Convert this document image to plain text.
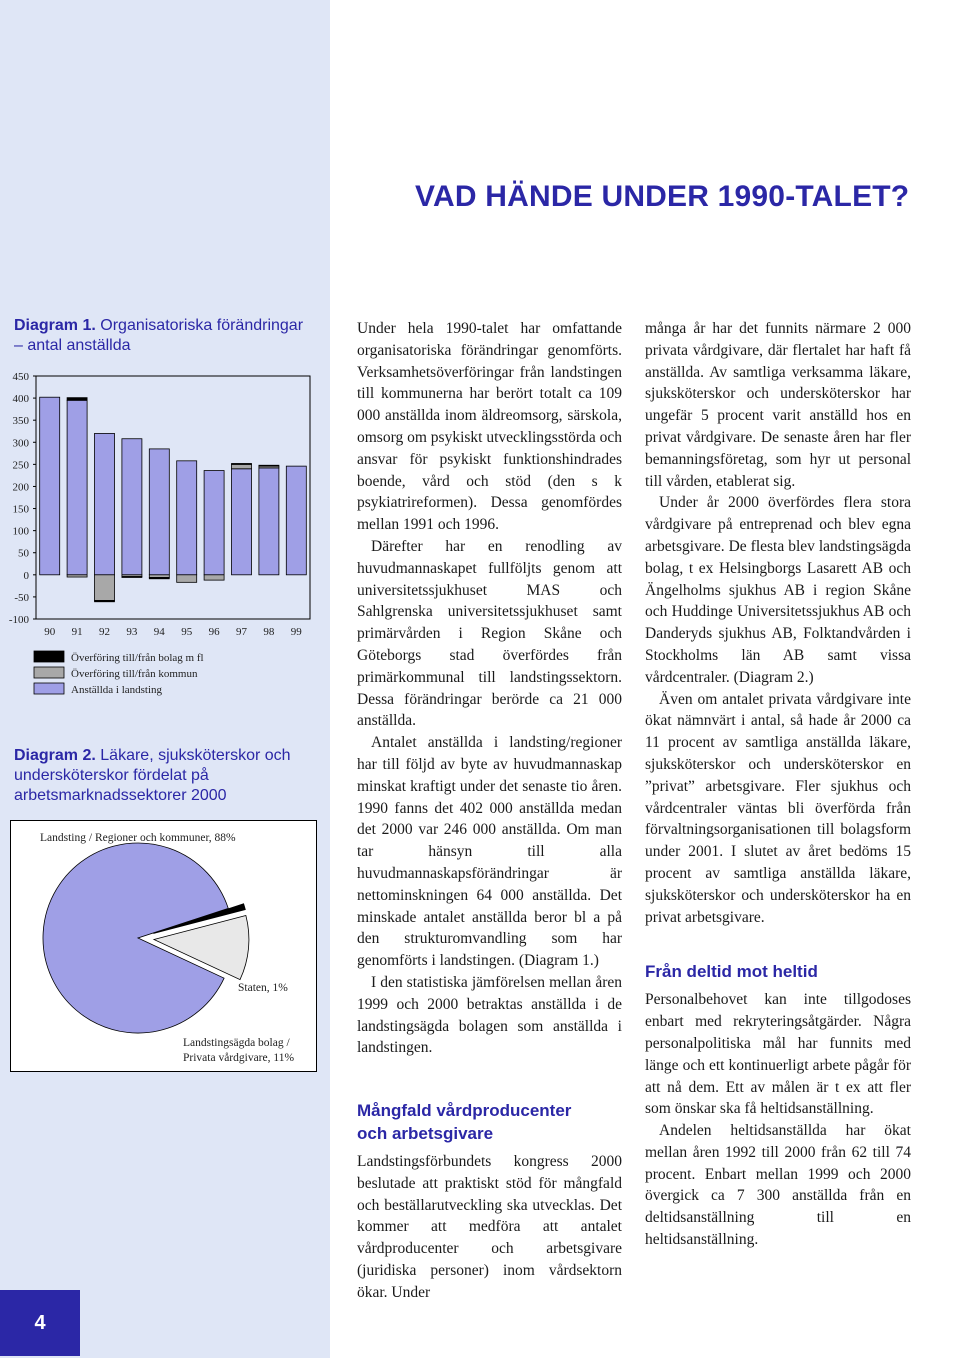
VAD HÄNDE UNDER 1990-TALET?
Diagram 1. Organisatoriska förändringar – antal anställda
450
400
350
300
250
200
150
100
50
0
-50
-100
90 91 92 93 94 95 96 97 98 99
Överföring till/från bolag m fl
Överföring till/från kommun
Anställda i landsting
Diagram 2. Läkare, sjuksköterskor och undersköterskor fördelat på arbetsmarknadssektorer 2000
Landsting / Regioner och kommuner, 88%
Staten, 1%
Landstingsägda bolag /
Privata vårdgivare, 11%

Under hela 1990-talet har omfattande organisatoriska förändringar genomförts. Verksamhetsöverföringar från landstingen till kommunerna har berört totalt ca 109 000 anställda inom äldreomsorg, särskola, omsorg om psykiskt utvecklingsstörda och ansvar för psykiskt funktionshindrades boende, vård och stöd (den s k psykiatrireformen). Dessa genomfördes mellan 1991 och 1996.

Därefter har en renodling av huvudmannaskapet fullföljts genom att universitetssjukhuset MAS och Sahlgrenska universitetssjukhuset samt primärvården i Region Skåne och Göteborgs stad överfördes från primärkommunal till landstingssektorn. Dessa förändringar berörde ca 21 000 anställda.

Antalet anställda i landsting/regioner har till följd av byte av huvudmannaskap minskat kraftigt under det senaste tio åren. 1990 fanns det 402 000 anställda medan det 2000 var 246 000 anställda. Om man tar hänsyn till alla huvudmannaskapsförändringar är nettominskningen 64 000 anställda. Det minskade antalet anställda beror bl a på den strukturomvandling som har genomförts i landstingen. (Diagram 1.)

I den statistiska jämförelsen mellan åren 1999 och 2000 betraktas anställda i de landstingsägda bolagen som anställda i landstingen.

Mångfald vårdproducenter
och arbetsgivare

Landstingsförbundets kongress 2000 beslutade att praktiskt stöd för mångfald och beställarutveckling ska utvecklas. Det kommer att medföra att antalet vårdproducenter och arbetsgivare (juridiska personer) inom vårdsektorn ökar. Under

många år har det funnits närmare 2 000 privata vårdgivare, där flertalet har haft få anställda. Av samtliga verksamma läkare, sjuksköterskor och undersköterskor har ungefär 5 procent varit anställd hos en privat vårdgivare. De senaste åren har fler bemanningsföretag, som hyr ut personal till vården, etablerat sig.

Under år 2000 överfördes flera stora vårdgivare på entreprenad och blev egna arbetsgivare. De flesta blev landstingsägda bolag, t ex Helsingborgs Lasarett AB och Ängelholms sjukhus AB i region Skåne och Huddinge Universitetssjukhus AB och Danderyds sjukhus AB, Folktandvården i Stockholms län AB samt vissa vårdcentraler. (Diagram 2.)

Även om antalet privata vårdgivare inte ökat nämnvärt i antal, så hade år 2000 ca 11 procent av samtliga anställda läkare, sjuksköterskor och undersköterskor en ”privat” arbetsgivare. Fler sjukhus och vårdcentraler väntas bli överförda från förvaltningsorganisationen till bolagsform under 2001. I slutet av året bedöms 15 procent av samtliga anställda läkare, sjuksköterskor och undersköterskor ha en privat arbetsgivare.

Från deltid mot heltid

Personalbehovet kan inte tillgodoses enbart med rekryteringsåtgärder. Några personalpolitiska mål har funnits med länge och ett kontinuerligt arbete pågår för att nå dem. Ett av målen är t ex att fler som önskar ska få heltidsanställning.

Andelen heltidsanställda har ökat mellan åren 1992 till 2000 från 62 till 74 procent. Enbart mellan 1999 och 2000 övergick ca 7 300 anställda från en deltidsanställning till en heltidsanställning.

4
